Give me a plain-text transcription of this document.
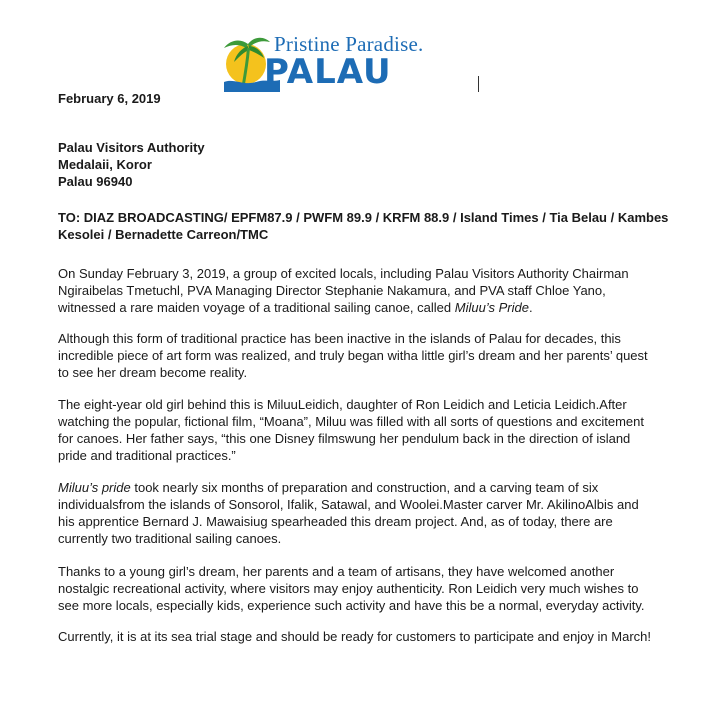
Pristine Paradise.
PALAU
February 6, 2019
Palau Visitors Authority
Medalaii, Koror
Palau 96940
TO: DIAZ BROADCASTING/ EPFM87.9 / PWFM 89.9 / KRFM 88.9 / Island Times / Tia Belau / Kambes
Kesolei / Bernadette Carreon/TMC
On Sunday February 3, 2019, a group of excited locals, including Palau Visitors Authority Chairman
Ngiraibelas Tmetuchl, PVA Managing Director Stephanie Nakamura, and PVA staff Chloe Yano,
witnessed a rare maiden voyage of a traditional sailing canoe, called Miluu’s Pride.
Although this form of traditional practice has been inactive in the islands of Palau for decades, this
incredible piece of art form was realized, and truly began witha little girl’s dream and her parents’ quest
to see her dream become reality.
The eight-year old girl behind this is MiluuLeidich, daughter of Ron Leidich and Leticia Leidich.After
watching the popular, fictional film, “Moana”, Miluu was filled with all sorts of questions and excitement
for canoes. Her father says, “this one Disney filmswung her pendulum back in the direction of island
pride and traditional practices.”
Miluu’s pride took nearly six months of preparation and construction, and a carving team of six
individualsfrom the islands of Sonsorol, Ifalik, Satawal, and Woolei.Master carver Mr. AkilinoAlbis and
his apprentice Bernard J. Mawaisiug spearheaded this dream project. And, as of today, there are
currently two traditional sailing canoes.
Thanks to a young girl’s dream, her parents and a team of artisans, they have welcomed another
nostalgic recreational activity, where visitors may enjoy authenticity. Ron Leidich very much wishes to
see more locals, especially kids, experience such activity and have this be a normal, everyday activity.
Currently, it is at its sea trial stage and should be ready for customers to participate and enjoy in March!
